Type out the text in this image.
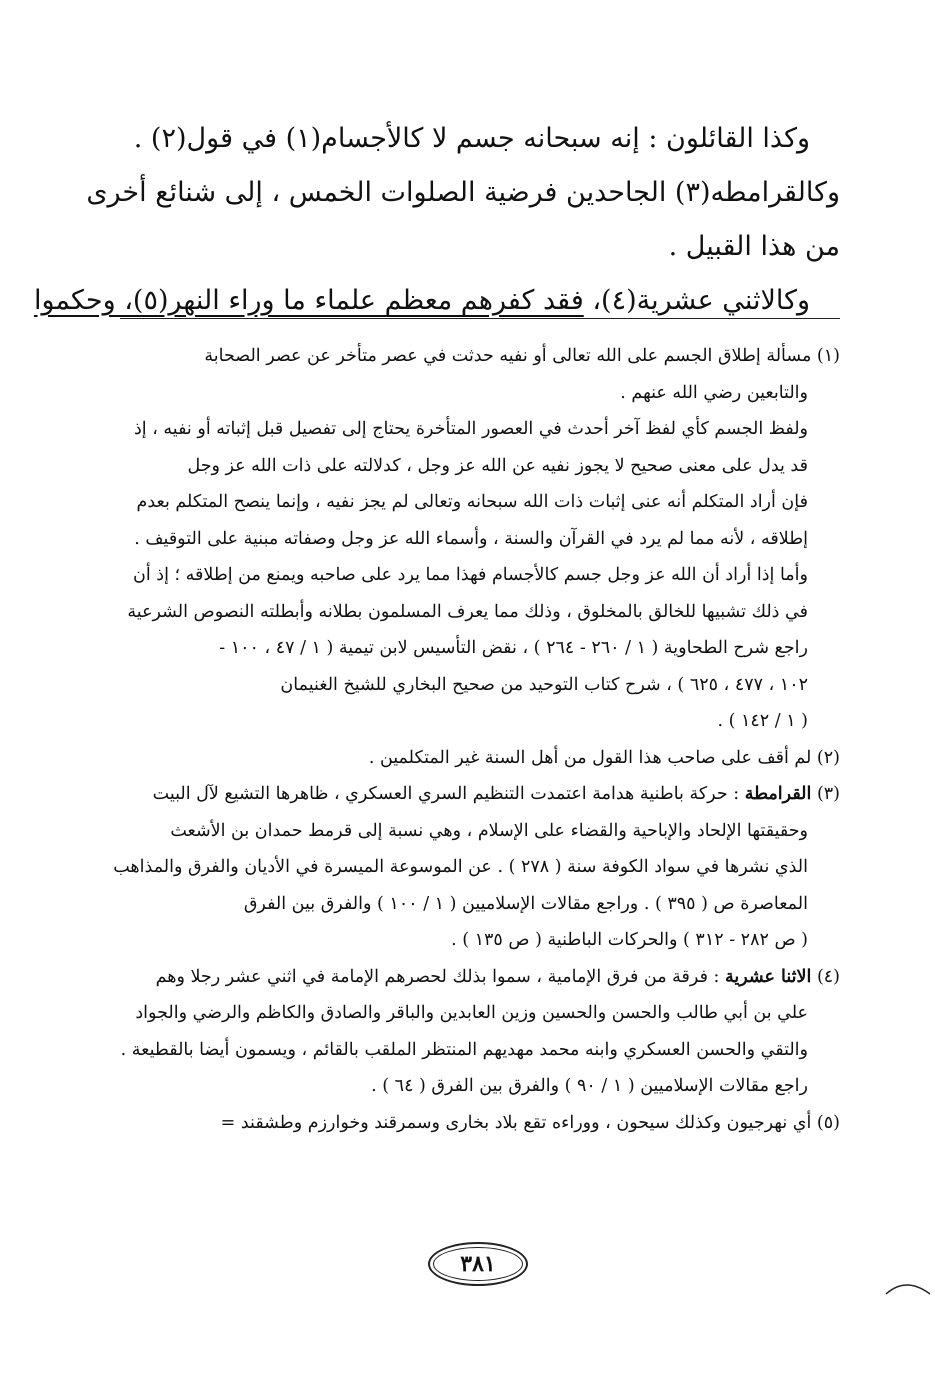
وكذا القائلون : إنه سبحانه جسم لا كالأجسام(١) في قول(٢) .

وكالقرامطه(٣) الجاحدين فرضية الصلوات الخمس ، إلى شنائع أخرى

من هذا القبيل .

وكالاثني عشرية(٤)، فقد كفرهم معظم علماء ما وراء النهر(٥)، وحكموا

(١) مسألة إطلاق الجسم على الله تعالى أو نفيه حدثت في عصر متأخر عن عصر الصحابة

والتابعين رضي الله عنهم .

ولفظ الجسم كأي لفظ آخر أحدث في العصور المتأخرة يحتاج إلى تفصيل قبل إثباته أو نفيه ، إذ

قد يدل على معنى صحيح لا يجوز نفيه عن الله عز وجل ، كدلالته على ذات الله عز وجل

فإن أراد المتكلم أنه عنى إثبات ذات الله سبحانه وتعالى لم يجز نفيه ، وإنما ينصح المتكلم بعدم

إطلاقه ، لأنه مما لم يرد في القرآن والسنة ، وأسماء الله عز وجل وصفاته مبنية على التوقيف .

وأما إذا أراد أن الله عز وجل جسم كالأجسام فهذا مما يرد على صاحبه ويمنع من إطلاقه ؛ إذ أن

في ذلك تشبيها للخالق بالمخلوق ، وذلك مما يعرف المسلمون بطلانه وأبطلته النصوص الشرعية

راجع شرح الطحاوية ( ١ / ٢٦٠ - ٢٦٤ ) ، نقض التأسيس لابن تيمية ( ١ / ٤٧ ، ١٠٠ -

١٠٢ ، ٤٧٧ ، ٦٢٥ ) ، شرح كتاب التوحيد من صحيح البخاري للشيخ الغنيمان

( ١ / ١٤٢ ) .

(٢) لم أقف على صاحب هذا القول من أهل السنة غير المتكلمين .

(٣) القرامطة : حركة باطنية هدامة اعتمدت التنظيم السري العسكري ، ظاهرها التشيع لآل البيت

وحقيقتها الإلحاد والإباحية والقضاء على الإسلام ، وهي نسبة إلى قرمط حمدان بن الأشعث

الذي نشرها في سواد الكوفة سنة ( ٢٧٨ ) . عن الموسوعة الميسرة في الأديان والفرق والمذاهب

المعاصرة ص ( ٣٩٥ ) . وراجع مقالات الإسلاميين ( ١ / ١٠٠ ) والفرق بين الفرق

( ص ٢٨٢ - ٣١٢ ) والحركات الباطنية ( ص ١٣٥ ) .

(٤) الاثنا عشرية : فرقة من فرق الإمامية ، سموا بذلك لحصرهم الإمامة في اثني عشر رجلا وهم

علي بن أبي طالب والحسن والحسين وزين العابدين والباقر والصادق والكاظم والرضي والجواد

والتقي والحسن العسكري وابنه محمد مهديهم المنتظر الملقب بالقائم ، ويسمون أيضا بالقطيعة .

راجع مقالات الإسلاميين ( ١ / ٩٠ ) والفرق بين الفرق ( ٦٤ ) .

(٥) أي نهرجيون وكذلك سيحون ، ووراءه تقع بلاد بخارى وسمرقند وخوارزم وطشقند =

٣٨١
